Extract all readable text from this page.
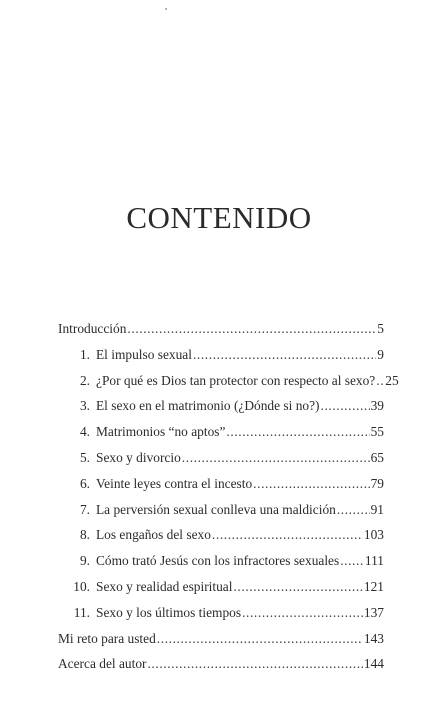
CONTENIDO
Introducción .....	5
1. El impulso sexual .....	9
2. ¿Por qué es Dios tan protector con respecto al sexo? ..... 25
3. El sexo en el matrimonio (¿Dónde si no?) .....	39
4. Matrimonios “no aptos” .....	55
5. Sexo y divorcio .....	65
6. Veinte leyes contra el incesto .....	79
7. La perversión sexual conlleva una maldición .....	91
8. Los engaños del sexo .....	103
9. Cómo trató Jesús con los infractores sexuales ..... 111
10. Sexo y realidad espiritual .....	121
11. Sexo y los últimos tiempos .....	137
Mi reto para usted .....	143
Acerca del autor .....	144
